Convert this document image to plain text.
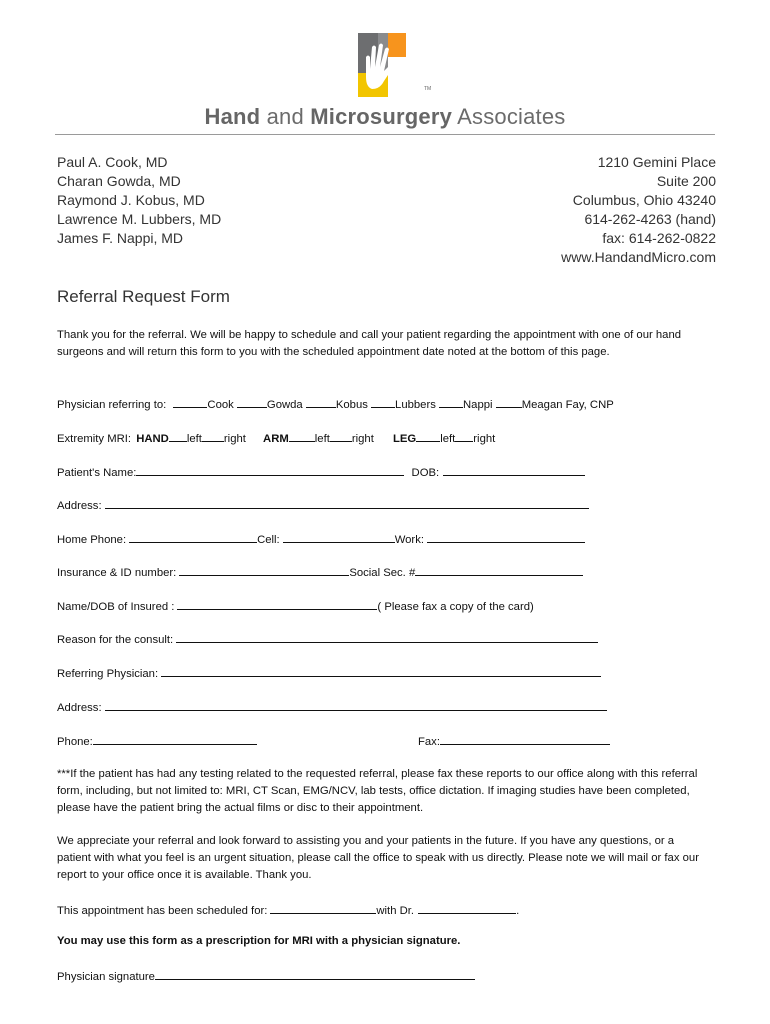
TM
Hand and Microsurgery Associates
Paul A. Cook, MD
Charan Gowda, MD
Raymond J. Kobus, MD
Lawrence M. Lubbers, MD
James F. Nappi, MD
1210 Gemini Place
Suite 200
Columbus, Ohio 43240
614-262-4263 (hand)
fax: 614-262-0822
www.HandandMicro.com
Referral Request Form
Thank you for the referral. We will be happy to schedule and call your patient regarding the appointment with one of our hand surgeons and will return this form to you with the scheduled appointment date noted at the bottom of this page.
Physician referring to:	Cook	Gowda	Kobus Lubbers Nappi	Meagan Fay, CNP
Extremity MRI: HAND left right ARM left right LEG left right
Patient's Name:	DOB:
Address:
Home Phone:	Cell:	Work:
Insurance & ID number:	Social Sec. #
Name/DOB of Insured :	( Please fax a copy of the card)
Reason for the consult:
Referring Physician:
Address:
Phone:	Fax:
***If the patient has had any testing related to the requested referral, please fax these reports to our office along with this referral form, including, but not limited to: MRI, CT Scan, EMG/NCV, lab tests, office dictation. If imaging studies have been completed, please have the patient bring the actual films or disc to their appointment.
We appreciate your referral and look forward to assisting you and your patients in the future. If you have any questions, or a patient with what you feel is an urgent situation, please call the office to speak with us directly. Please note we will mail or fax our report to your office once it is available. Thank you.
This appointment has been scheduled for:	with Dr.	.
You may use this form as a prescription for MRI with a physician signature.
Physician signature
